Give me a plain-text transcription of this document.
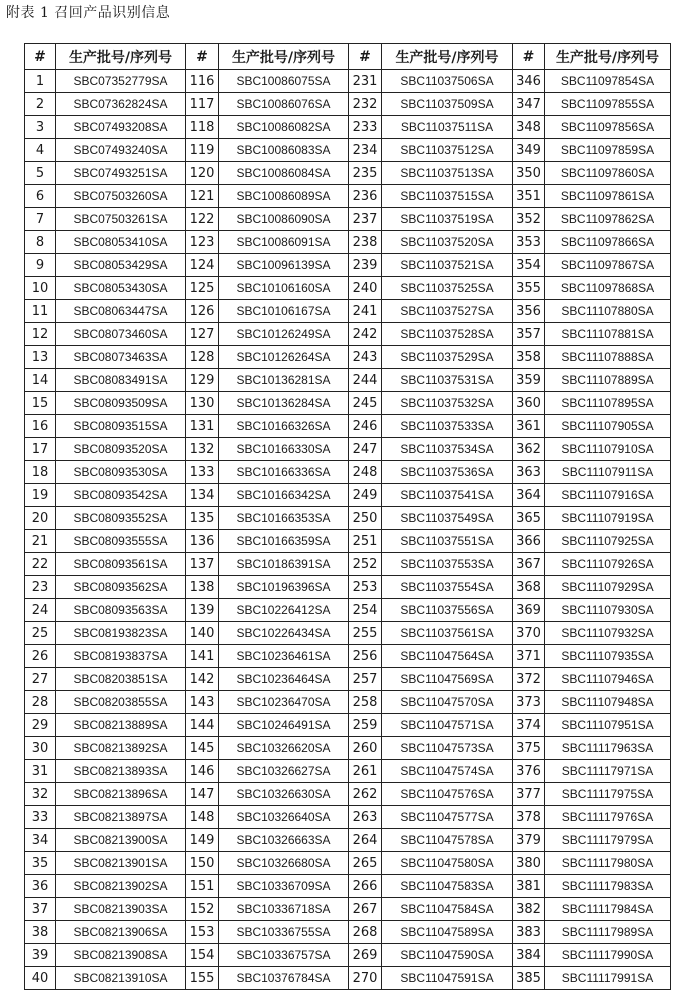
附表 1 召回产品识别信息
#	生产批号/序列号	#	生产批号/序列号	#	生产批号/序列号	#	生产批号/序列号
1	SBC07352779SA	116	SBC10086075SA	231	SBC11037506SA	346	SBC11097854SA
2	SBC07362824SA	117	SBC10086076SA	232	SBC11037509SA	347	SBC11097855SA
3	SBC07493208SA	118	SBC10086082SA	233	SBC11037511SA	348	SBC11097856SA
4	SBC07493240SA	119	SBC10086083SA	234	SBC11037512SA	349	SBC11097859SA
5	SBC07493251SA	120	SBC10086084SA	235	SBC11037513SA	350	SBC11097860SA
6	SBC07503260SA	121	SBC10086089SA	236	SBC11037515SA	351	SBC11097861SA
7	SBC07503261SA	122	SBC10086090SA	237	SBC11037519SA	352	SBC11097862SA
8	SBC08053410SA	123	SBC10086091SA	238	SBC11037520SA	353	SBC11097866SA
9	SBC08053429SA	124	SBC10096139SA	239	SBC11037521SA	354	SBC11097867SA
10	SBC08053430SA	125	SBC10106160SA	240	SBC11037525SA	355	SBC11097868SA
11	SBC08063447SA	126	SBC10106167SA	241	SBC11037527SA	356	SBC11107880SA
12	SBC08073460SA	127	SBC10126249SA	242	SBC11037528SA	357	SBC11107881SA
13	SBC08073463SA	128	SBC10126264SA	243	SBC11037529SA	358	SBC11107888SA
14	SBC08083491SA	129	SBC10136281SA	244	SBC11037531SA	359	SBC11107889SA
15	SBC08093509SA	130	SBC10136284SA	245	SBC11037532SA	360	SBC11107895SA
16	SBC08093515SA	131	SBC10166326SA	246	SBC11037533SA	361	SBC11107905SA
17	SBC08093520SA	132	SBC10166330SA	247	SBC11037534SA	362	SBC11107910SA
18	SBC08093530SA	133	SBC10166336SA	248	SBC11037536SA	363	SBC11107911SA
19	SBC08093542SA	134	SBC10166342SA	249	SBC11037541SA	364	SBC11107916SA
20	SBC08093552SA	135	SBC10166353SA	250	SBC11037549SA	365	SBC11107919SA
21	SBC08093555SA	136	SBC10166359SA	251	SBC11037551SA	366	SBC11107925SA
22	SBC08093561SA	137	SBC10186391SA	252	SBC11037553SA	367	SBC11107926SA
23	SBC08093562SA	138	SBC10196396SA	253	SBC11037554SA	368	SBC11107929SA
24	SBC08093563SA	139	SBC10226412SA	254	SBC11037556SA	369	SBC11107930SA
25	SBC08193823SA	140	SBC10226434SA	255	SBC11037561SA	370	SBC11107932SA
26	SBC08193837SA	141	SBC10236461SA	256	SBC11047564SA	371	SBC11107935SA
27	SBC08203851SA	142	SBC10236464SA	257	SBC11047569SA	372	SBC11107946SA
28	SBC08203855SA	143	SBC10236470SA	258	SBC11047570SA	373	SBC11107948SA
29	SBC08213889SA	144	SBC10246491SA	259	SBC11047571SA	374	SBC11107951SA
30	SBC08213892SA	145	SBC10326620SA	260	SBC11047573SA	375	SBC11117963SA
31	SBC08213893SA	146	SBC10326627SA	261	SBC11047574SA	376	SBC11117971SA
32	SBC08213896SA	147	SBC10326630SA	262	SBC11047576SA	377	SBC11117975SA
33	SBC08213897SA	148	SBC10326640SA	263	SBC11047577SA	378	SBC11117976SA
34	SBC08213900SA	149	SBC10326663SA	264	SBC11047578SA	379	SBC11117979SA
35	SBC08213901SA	150	SBC10326680SA	265	SBC11047580SA	380	SBC11117980SA
36	SBC08213902SA	151	SBC10336709SA	266	SBC11047583SA	381	SBC11117983SA
37	SBC08213903SA	152	SBC10336718SA	267	SBC11047584SA	382	SBC11117984SA
38	SBC08213906SA	153	SBC10336755SA	268	SBC11047589SA	383	SBC11117989SA
39	SBC08213908SA	154	SBC10336757SA	269	SBC11047590SA	384	SBC11117990SA
40	SBC08213910SA	155	SBC10376784SA	270	SBC11047591SA	385	SBC11117991SA
